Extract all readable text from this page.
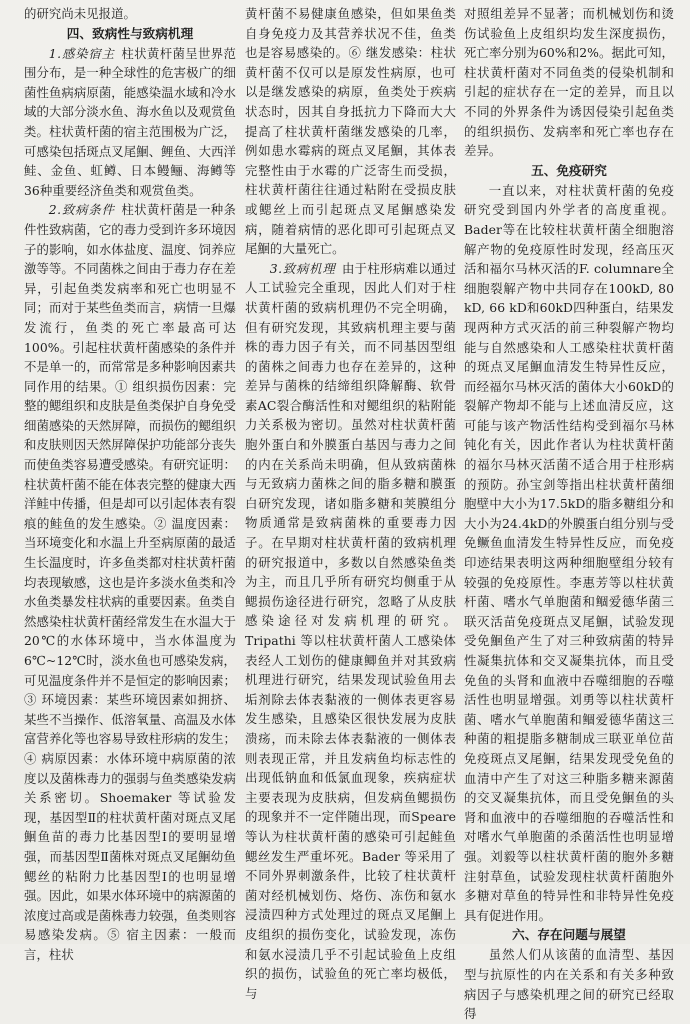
的研究尚未见报道。

四、致病性与致病机理

1.感染宿主  柱状黄杆菌呈世界范围分布，是一种全球性的危害极广的细菌性鱼病病原菌，能感染温水域和冷水域的大部分淡水鱼、海水鱼以及观赏鱼类。柱状黄杆菌的宿主范围极为广泛，可感染包括斑点叉尾鮰、鲤鱼、大西洋鲑、金鱼、虹鳟、日本鳗鲡、海鳟等36种重要经济鱼类和观赏鱼类。

2.致病条件  柱状黄杆菌是一种条件性致病菌，它的毒力受到许多环境因子的影响，如水体盐度、温度、饲养应激等等。不同菌株之间由于毒力存在差异，引起鱼类发病率和死亡也明显不同；而对于某些鱼类而言，病情一旦爆发流行，鱼类的死亡率最高可达100%。引起柱状黄杆菌感染的条件并不是单一的，而常常是多种影响因素共同作用的结果。① 组织损伤因素：完整的鳃组织和皮肤是鱼类保护自身免受细菌感染的天然屏障，而损伤的鳃组织和皮肤则因天然屏障保护功能部分丧失而使鱼类容易遭受感染。有研究证明：柱状黄杆菌不能在体表完整的健康大西洋鲑中传播，但是却可以引起体表有裂痕的鲑鱼的发生感染。② 温度因素：当环境变化和水温上升至病原菌的最适生长温度时，许多鱼类都对柱状黄杆菌均表现敏感，这也是许多淡水鱼类和冷水鱼类暴发柱状病的重要因素。鱼类自然感染柱状黄杆菌经常发生在水温大于20℃的水体环境中，当水体温度为6℃~12℃时，淡水鱼也可感染发病，可见温度条件并不是恒定的影响因素；③ 环境因素：某些环境因素如拥挤、某些不当操作、低溶氧量、高温及水体富营养化等也容易导致柱形病的发生；④ 病原因素：水体环境中病原菌的浓度以及菌株毒力的强弱与鱼类感染发病关系密切。Shoemaker 等试验发现，基因型Ⅱ的柱状黄杆菌对斑点叉尾鮰鱼苗的毒力比基因型Ⅰ的要明显增强，而基因型Ⅱ菌株对斑点叉尾鮰幼鱼鳃丝的粘附力比基因型Ⅰ的也明显增强。因此，如果水体环境中的病源菌的浓度过高或是菌株毒力较强，鱼类则容易感染发病。⑤ 宿主因素：一般而言，柱状

黄杆菌不易健康鱼感染，但如果鱼类自身免疫力及其营养状况不佳，鱼类也是容易感染的。⑥ 继发感染：柱状黄杆菌不仅可以是原发性病原，也可以是继发感染的病原，鱼类处于疾病状态时，因其自身抵抗力下降而大大提高了柱状黄杆菌继发感染的几率，例如患水霉病的斑点叉尾鮰，其体表完整性由于水霉的广泛寄生而受损，柱状黄杆菌往往通过粘附在受损皮肤或鳃丝上而引起斑点叉尾鮰感染发病，随着病情的恶化即可引起斑点叉尾鮰的大量死亡。

3.致病机理  由于柱形病难以通过人工试验完全重现，因此人们对于柱状黄杆菌的致病机理仍不完全明确，但有研究发现，其致病机理主要与菌株的毒力因子有关，而不同基因型组的菌株之间毒力也存在差异的，这种差异与菌株的结缔组织降解酶、软骨素AC裂合酶活性和对鳃组织的粘附能力关系极为密切。虽然对柱状黄杆菌胞外蛋白和外膜蛋白基因与毒力之间的内在关系尚未明确，但从致病菌株与无致病力菌株之间的脂多糖和膜蛋白研究发现，诸如脂多糖和荚膜组分物质通常是致病菌株的重要毒力因子。在早期对柱状黄杆菌的致病机理的研究报道中，多数以自然感染鱼类为主，而且几乎所有研究均侧重于从鳃损伤途径进行研究，忽略了从皮肤感染途径对发病机理的研究。Tripathi 等以柱状黄杆菌人工感染体表经人工划伤的健康鲫鱼并对其致病机理进行研究，结果发现试验鱼用去垢剂除去体表黏液的一侧体表更容易发生感染，且感染区很快发展为皮肤溃疡，而未除去体表黏液的一侧体表则表现正常，并且发病鱼均标志性的出现低钠血和低氯血现象，疾病症状主要表现为皮肤病，但发病鱼鳃损伤的现象并不一定伴随出现，而Speare 等认为柱状黄杆菌的感染可引起鲑鱼鳃丝发生严重坏死。Bader 等采用了不同外界刺激条件，比较了柱状黄杆菌对经机械划伤、烙伤、冻伤和氨水浸渍四种方式处理过的斑点叉尾鮰上皮组织的损伤变化，试验发现，冻伤和氨水浸渍几乎不引起试验鱼上皮组织的损伤，试验鱼的死亡率均极低，与

对照组差异不显著；而机械划伤和烫伤试验鱼上皮组织均发生深度损伤，死亡率分别为60%和2%。据此可知，柱状黄杆菌对不同鱼类的侵染机制和引起的症状存在一定的差异，而且以不同的外界条件为诱因侵染引起鱼类的组织损伤、发病率和死亡率也存在差异。

五、免疫研究

一直以来，对柱状黄杆菌的免疫研究受到国内外学者的高度重视。Bader等在比较柱状黄杆菌全细胞溶解产物的免疫原性时发现，经高压灭活和福尔马林灭活的F. columnare全细胞裂解产物中共同存在100kD, 80 kD, 66 kD和60kD四种蛋白，结果发现两种方式灭活的前三种裂解产物均能与自然感染和人工感染柱状黄杆菌的斑点叉尾鮰血清发生特异性反应，而经福尔马林灭活的菌体大小60kD的裂解产物却不能与上述血清反应，这可能与该产物活性结构受到福尔马林钝化有关，因此作者认为柱状黄杆菌的福尔马林灭活菌不适合用于柱形病的预防。孙宝剑等指出柱状黄杆菌细胞壁中大小为17.5kD的脂多糖组分和大小为24.4kD的外膜蛋白组分别与受免鳜鱼血清发生特异性反应，而免疫印迹结果表明这两种细胞壁组分较有较强的免疫原性。李惠芳等以柱状黄杆菌、嗜水气单胞菌和鲴爱德华菌三联灭活苗免疫斑点叉尾鮰，试验发现受免鮰鱼产生了对三种致病菌的特异性凝集抗体和交叉凝集抗体，而且受免鱼的头肾和血液中吞噬细胞的吞噬活性也明显增强。刘勇等以柱状黄杆菌、嗜水气单胞菌和鲴爱德华菌这三种菌的粗提脂多糖制成三联亚单位苗免疫斑点叉尾鮰，结果发现受免鱼的血清中产生了对这三种脂多糖来源菌的交叉凝集抗体，而且受免鮰鱼的头肾和血液中的吞噬细胞的吞噬活性和对嗜水气单胞菌的杀菌活性也明显增强。刘毅等以柱状黄杆菌的胞外多糖注射草鱼，试验发现柱状黄杆菌胞外多糖对草鱼的特异性和非特异性免疫具有促进作用。

六、存在问题与展望

虽然人们从该菌的血清型、基因型与抗原性的内在关系和有关多种致病因子与感染机理之间的研究已经取得
